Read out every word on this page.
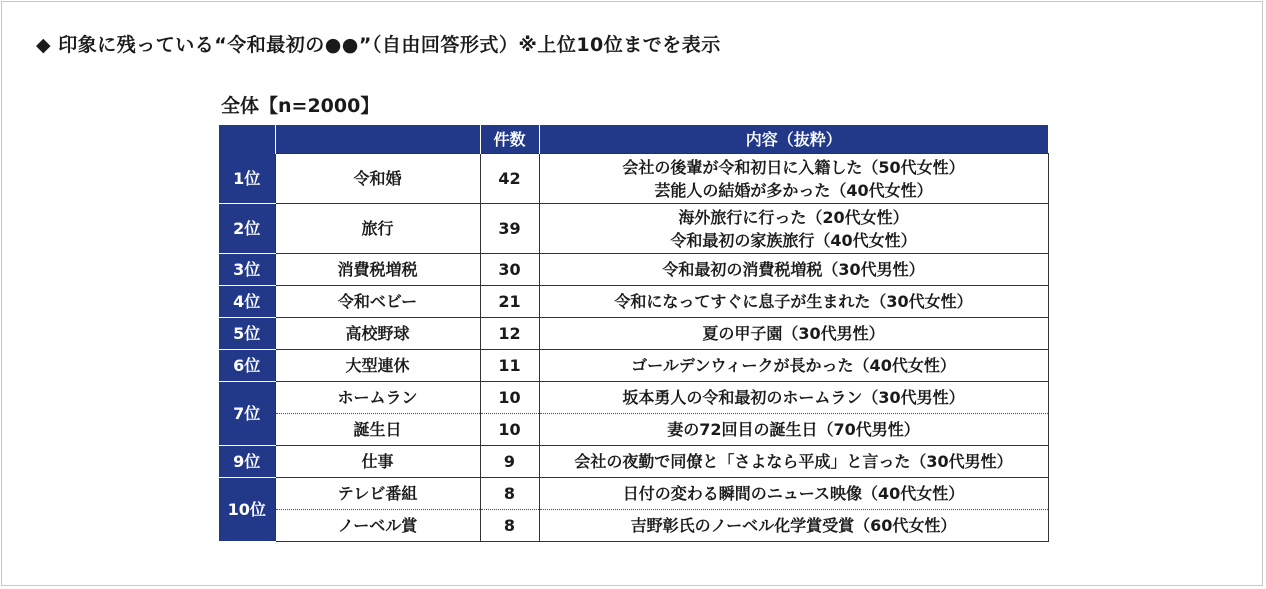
◆ 印象に残っている“令和最初の●●”（自由回答形式）※上位10位までを表示
全体【n=2000】
		件数	内容（抜粋）
1位	令和婚	42	会社の後輩が令和初日に入籍した（50代女性）
芸能人の結婚が多かった（40代女性）

2位	旅行	39	海外旅行に行った（20代女性）
令和最初の家族旅行（40代女性）

3位	消費税増税	30	令和最初の消費税増税（30代男性）
4位	令和ベビー	21	令和になってすぐに息子が生まれた（30代女性）
5位	高校野球	12	夏の甲子園（30代男性）
6位	大型連休	11	ゴールデンウィークが長かった（40代女性）
7位	ホームラン	10	坂本勇人の令和最初のホームラン（30代男性）
	誕生日	10	妻の72回目の誕生日（70代男性）
9位	仕事	9	会社の夜勤で同僚と「さよなら平成」と言った（30代男性）
10位	テレビ番組	8	日付の変わる瞬間のニュース映像（40代女性）
	ノーベル賞	8	吉野彰氏のノーベル化学賞受賞（60代女性）
